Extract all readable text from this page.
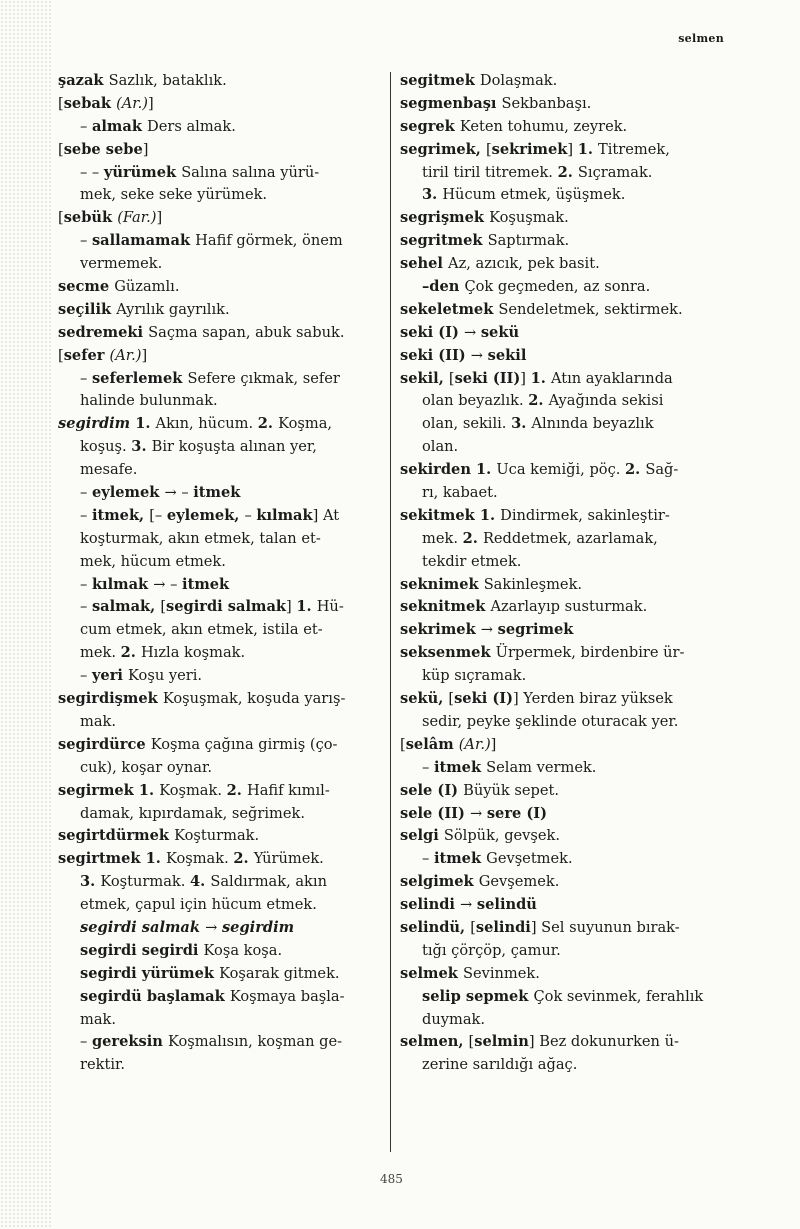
selmen
şazak Sazlık, bataklık.
[sebak (Ar.)]
– almak Ders almak.
[sebe sebe]
– – yürümek Salına salına yürü-
mek, seke seke yürümek.
[sebük (Far.)]
– sallamamak Hafif görmek, önem
vermemek.
secme Güzamlı.
seçilik Ayrılık gayrılık.
sedremeki Saçma sapan, abuk sabuk.
[sefer (Ar.)]
– seferlemek Sefere çıkmak, sefer
halinde bulunmak.
segirdim 1. Akın, hücum. 2. Koşma,
koşuş. 3. Bir koşuşta alınan yer,
mesafe.
– eylemek → – itmek
– itmek, [– eylemek, – kılmak] At
koşturmak, akın etmek, talan et-
mek, hücum etmek.
– kılmak → – itmek
– salmak, [segirdi salmak] 1. Hü-
cum etmek, akın etmek, istila et-
mek. 2. Hızla koşmak.
– yeri Koşu yeri.
segirdişmek Koşuşmak, koşuda yarış-
mak.
segirdürce Koşma çağına girmiş (ço-
cuk), koşar oynar.
segirmek 1. Koşmak. 2. Hafif kımıl-
damak, kıpırdamak, seğrimek.
segirtdürmek Koşturmak.
segirtmek 1. Koşmak. 2. Yürümek.
3. Koşturmak. 4. Saldırmak, akın
etmek, çapul için hücum etmek.
segirdi salmak → segirdim
segirdi segirdi Koşa koşa.
segirdi yürümek Koşarak gitmek.
segirdü başlamak Koşmaya başla-
mak.
– gereksin Koşmalısın, koşman ge-
rektir.
segitmek Dolaşmak.
segmenbaşı Sekbanbaşı.
segrek Keten tohumu, zeyrek.
segrimek, [sekrimek] 1. Titremek,
tiril tiril titremek. 2. Sıçramak.
3. Hücum etmek, üşüşmek.
segrişmek Koşuşmak.
segritmek Saptırmak.
sehel Az, azıcık, pek basit.
–den Çok geçmeden, az sonra.
sekeletmek Sendeletmek, sektirmek.
seki (I) → sekü
seki (II) → sekil
sekil, [seki (II)] 1. Atın ayaklarında
olan beyazlık. 2. Ayağında sekisi
olan, sekili. 3. Alnında beyazlık
olan.
sekirden 1. Uca kemiği, pöç. 2. Sağ-
rı, kabaet.
sekitmek 1. Dindirmek, sakinleştir-
mek. 2. Reddetmek, azarlamak,
tekdir etmek.
seknimek Sakinleşmek.
seknitmek Azarlayıp susturmak.
sekrimek → segrimek
seksenmek Ürpermek, birdenbire ür-
küp sıçramak.
sekü, [seki (I)] Yerden biraz yüksek
sedir, peyke şeklinde oturacak yer.
[selâm (Ar.)]
– itmek Selam vermek.
sele (I) Büyük sepet.
sele (II) → sere (I)
selgi Sölpük, gevşek.
– itmek Gevşetmek.
selgimek Gevşemek.
selindi → selindü
selindü, [selindi] Sel suyunun bırak-
tığı çörçöp, çamur.
selmek Sevinmek.
selip sepmek Çok sevinmek, ferahlık
duymak.
selmen, [selmin] Bez dokunurken ü-
zerine sarıldığı ağaç.
485
